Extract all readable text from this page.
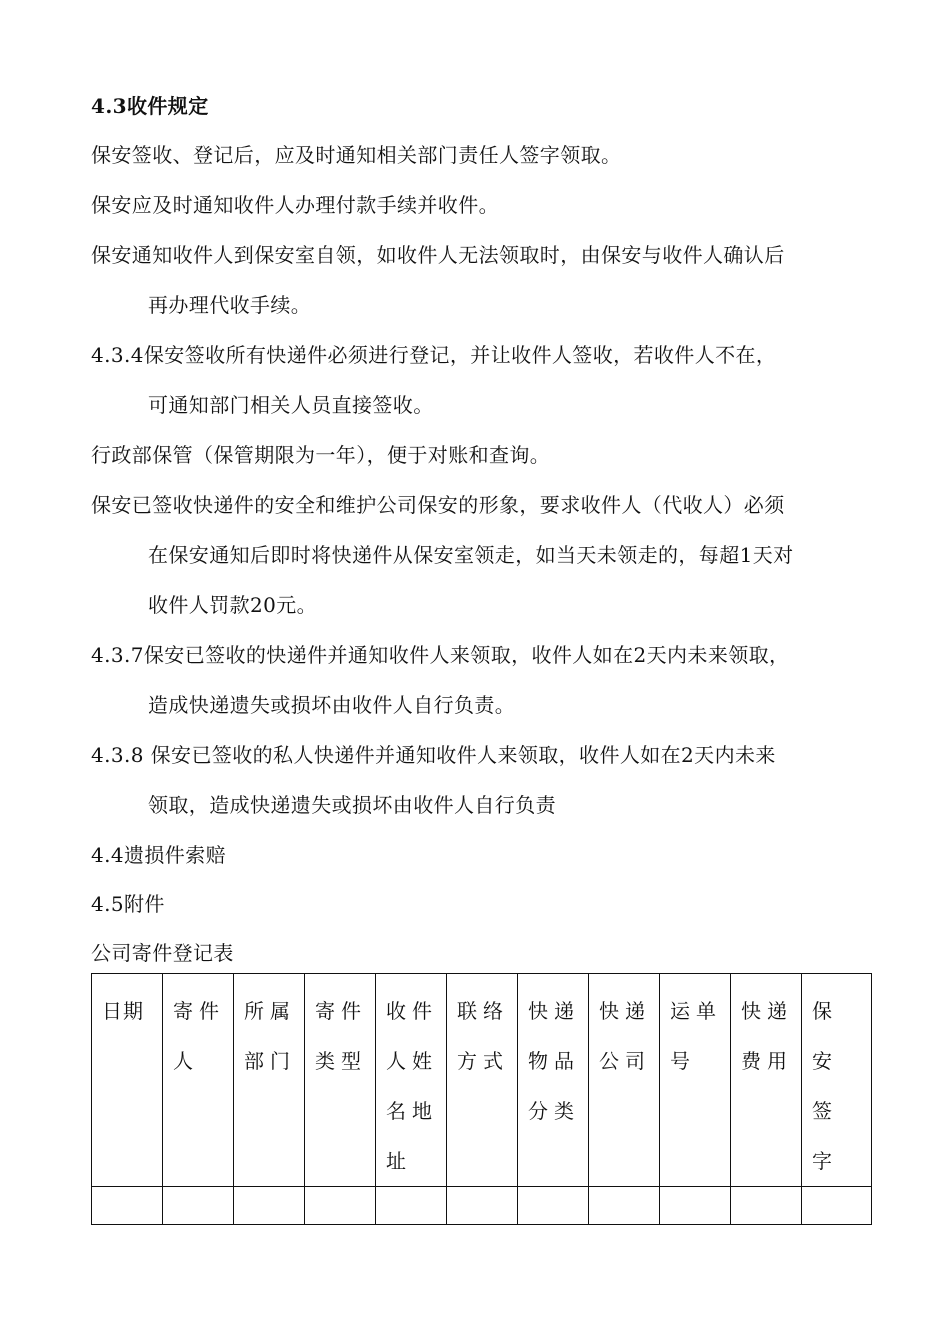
4.3收件规定
保安签收、登记后，应及时通知相关部门责任人签字领取。
保安应及时通知收件人办理付款手续并收件。
保安通知收件人到保安室自领，如收件人无法领取时，由保安与收件人确认后
再办理代收手续。
4.3.4保安签收所有快递件必须进行登记，并让收件人签收，若收件人不在，
可通知部门相关人员直接签收。
行政部保管（保管期限为一年），便于对账和查询。
保安已签收快递件的安全和维护公司保安的形象，要求收件人（代收人）必须
在保安通知后即时将快递件从保安室领走，如当天未领走的，每超1天对
收件人罚款20元。
4.3.7保安已签收的快递件并通知收件人来领取，收件人如在2天内未来领取，
造成快递遗失或损坏由收件人自行负责。
4.3.8 保安已签收的私人快递件并通知收件人来领取，收件人如在2天内未来
领取，造成快递遗失或损坏由收件人自行负责
4.4遗损件索赔
4.5附件
公司寄件登记表
日期	寄件人	所属部门	寄件类型	收件人姓名地址	联络方式	快递物品分类	快递公司	运单号	快递费用	保安签字
